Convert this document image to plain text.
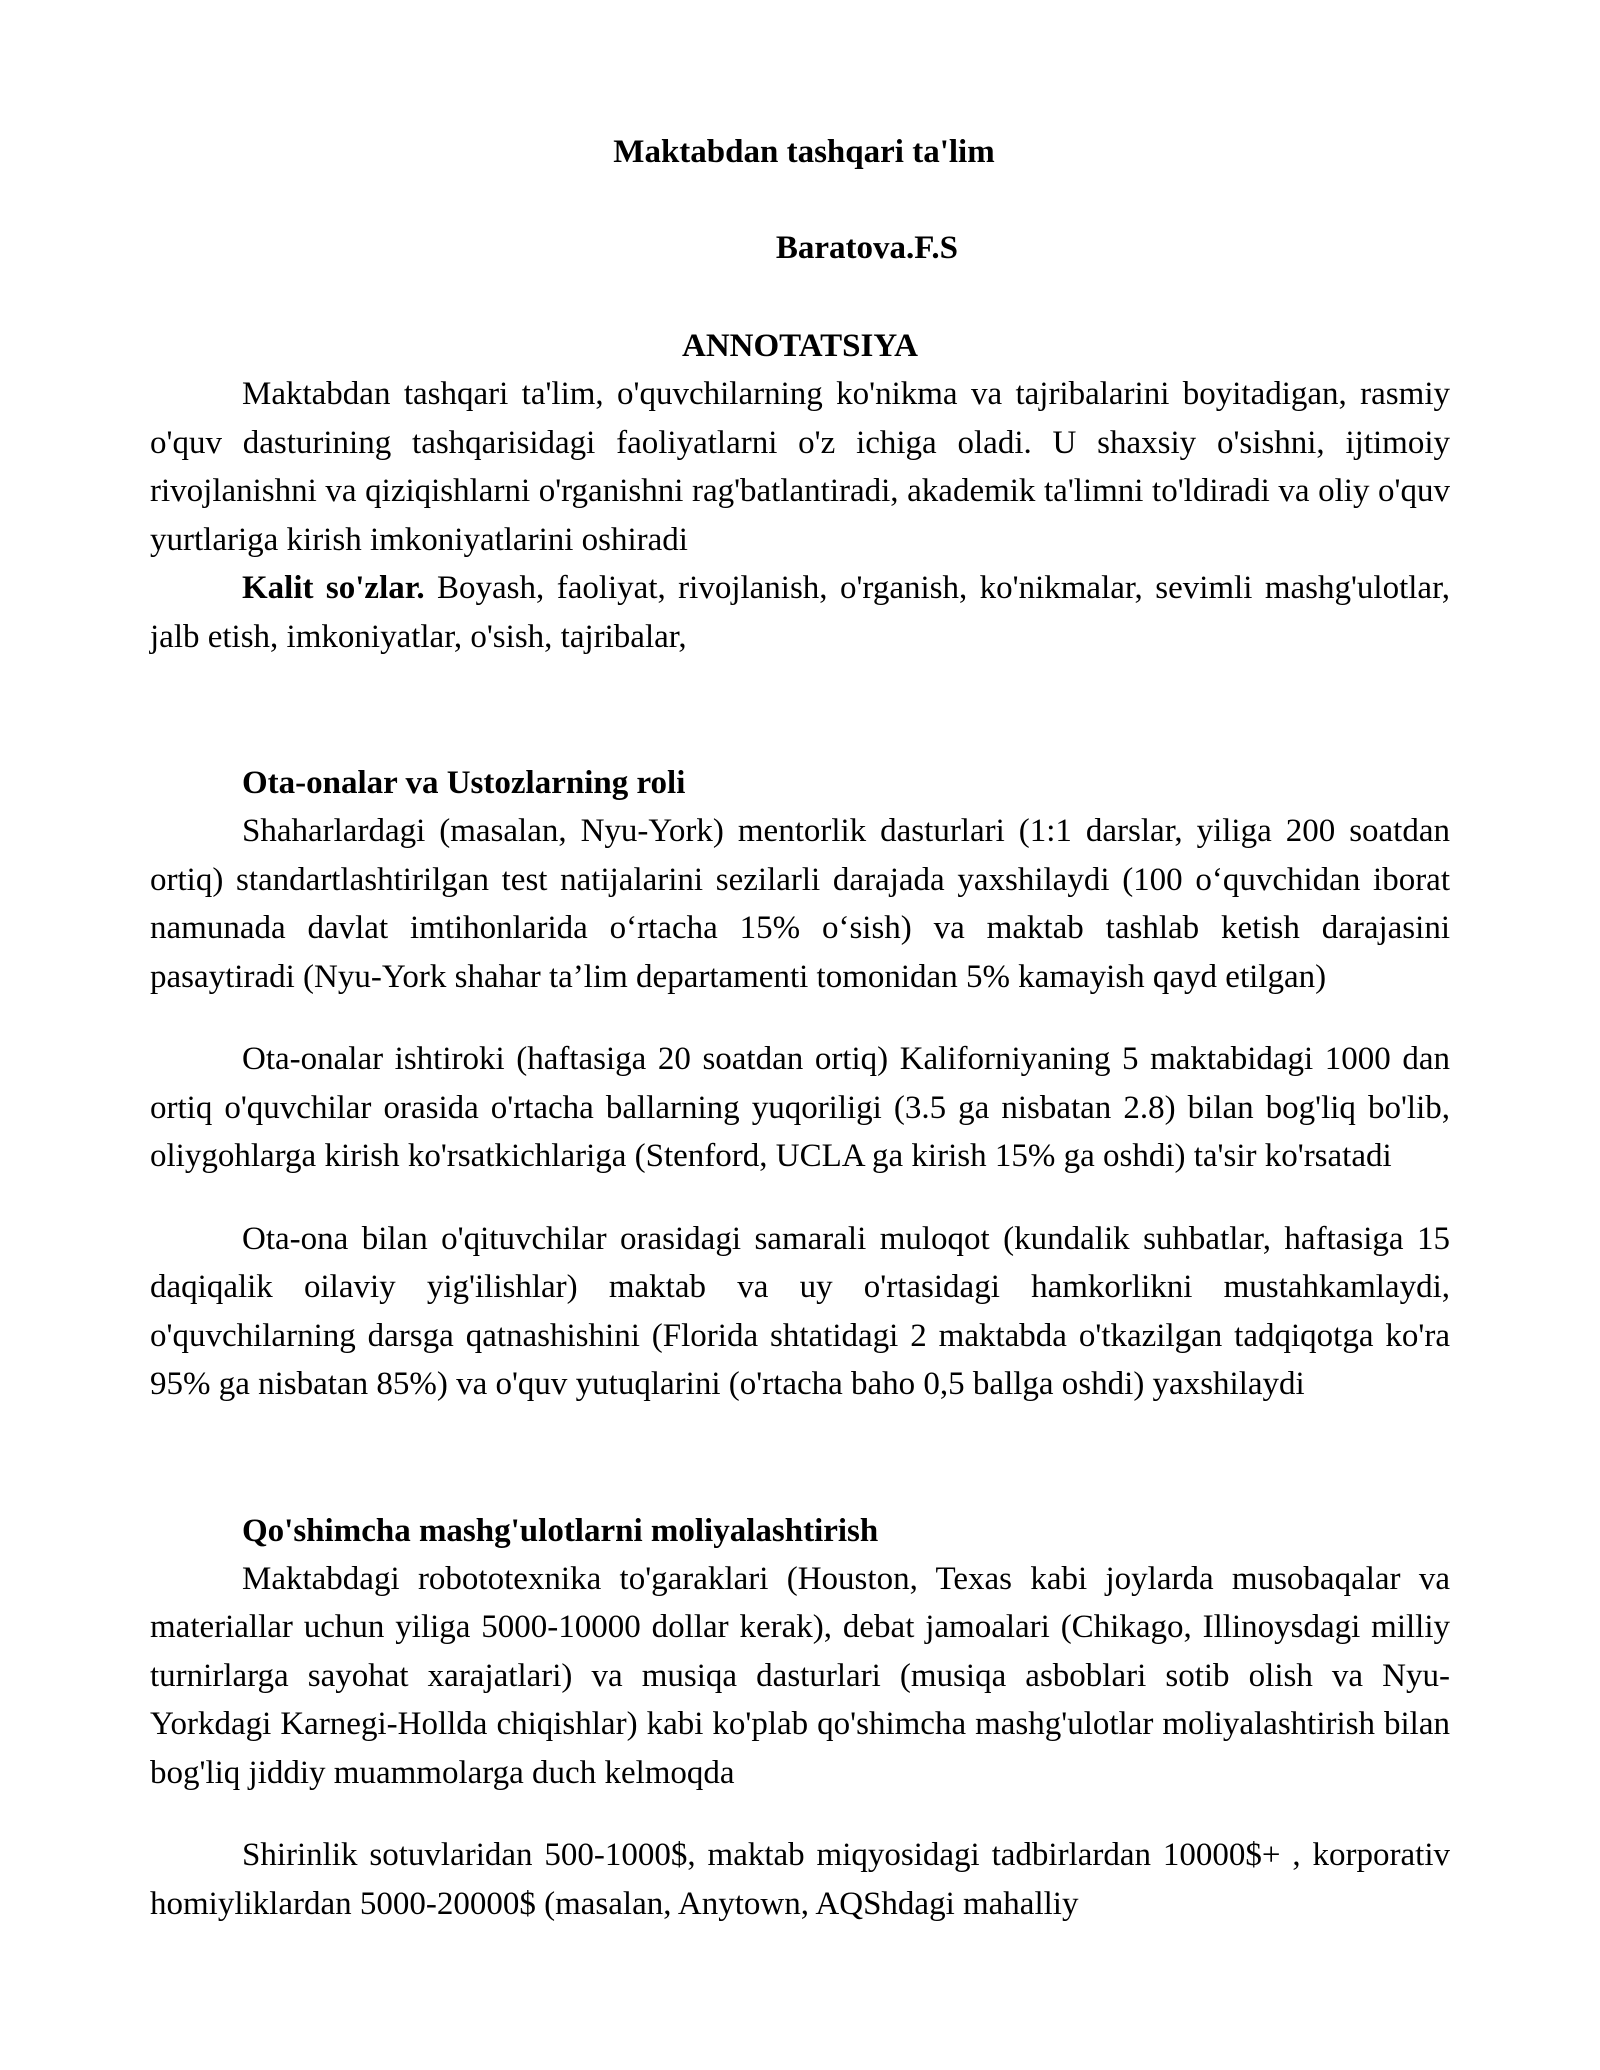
Maktabdan tashqari ta'lim
Baratova.F.S
ANNOTATSIYA

Maktabdan tashqari ta'lim, o'quvchilarning ko'nikma va tajribalarini boyitadigan, rasmiy o'quv dasturining tashqarisidagi faoliyatlarni o'z ichiga oladi. U shaxsiy o'sishni, ijtimoiy rivojlanishni va qiziqishlarni o'rganishni rag'batlantiradi, akademik ta'limni to'ldiradi va oliy o'quv yurtlariga kirish imkoniyatlarini oshiradi

Kalit so'zlar. Boyash, faoliyat, rivojlanish, o'rganish, ko'nikmalar, sevimli mashg'ulotlar, jalb etish, imkoniyatlar, o'sish, tajribalar,

Ota-onalar va Ustozlarning roli

Shaharlardagi (masalan, Nyu-York) mentorlik dasturlari (1:1 darslar, yiliga 200 soatdan ortiq) standartlashtirilgan test natijalarini sezilarli darajada yaxshilaydi (100 o‘quvchidan iborat namunada davlat imtihonlarida o‘rtacha 15% o‘sish) va maktab tashlab ketish darajasini pasaytiradi (Nyu-York shahar ta’lim departamenti tomonidan 5% kamayish qayd etilgan)

Ota-onalar ishtiroki (haftasiga 20 soatdan ortiq) Kaliforniyaning 5 maktabidagi 1000 dan ortiq o'quvchilar orasida o'rtacha ballarning yuqoriligi (3.5 ga nisbatan 2.8) bilan bog'liq bo'lib, oliygohlarga kirish ko'rsatkichlariga (Stenford, UCLA ga kirish 15% ga oshdi) ta'sir ko'rsatadi

Ota-ona bilan o'qituvchilar orasidagi samarali muloqot (kundalik suhbatlar, haftasiga 15 daqiqalik oilaviy yig'ilishlar) maktab va uy o'rtasidagi hamkorlikni mustahkamlaydi, o'quvchilarning darsga qatnashishini (Florida shtatidagi 2 maktabda o'tkazilgan tadqiqotga ko'ra 95% ga nisbatan 85%) va o'quv yutuqlarini (o'rtacha baho 0,5 ballga oshdi) yaxshilaydi

Qo'shimcha mashg'ulotlarni moliyalashtirish

Maktabdagi robototexnika to'garaklari (Houston, Texas kabi joylarda musobaqalar va materiallar uchun yiliga 5000-10000 dollar kerak), debat jamoalari (Chikago, Illinoysdagi milliy turnirlarga sayohat xarajatlari) va musiqa dasturlari (musiqa asboblari sotib olish va Nyu-Yorkdagi Karnegi-Hollda chiqishlar) kabi ko'plab qo'shimcha mashg'ulotlar moliyalashtirish bilan bog'liq jiddiy muammolarga duch kelmoqda

Shirinlik sotuvlaridan 500-1000$, maktab miqyosidagi tadbirlardan 10000$+ , korporativ homiyliklardan 5000-20000$ (masalan, Anytown, AQShdagi mahalliy
